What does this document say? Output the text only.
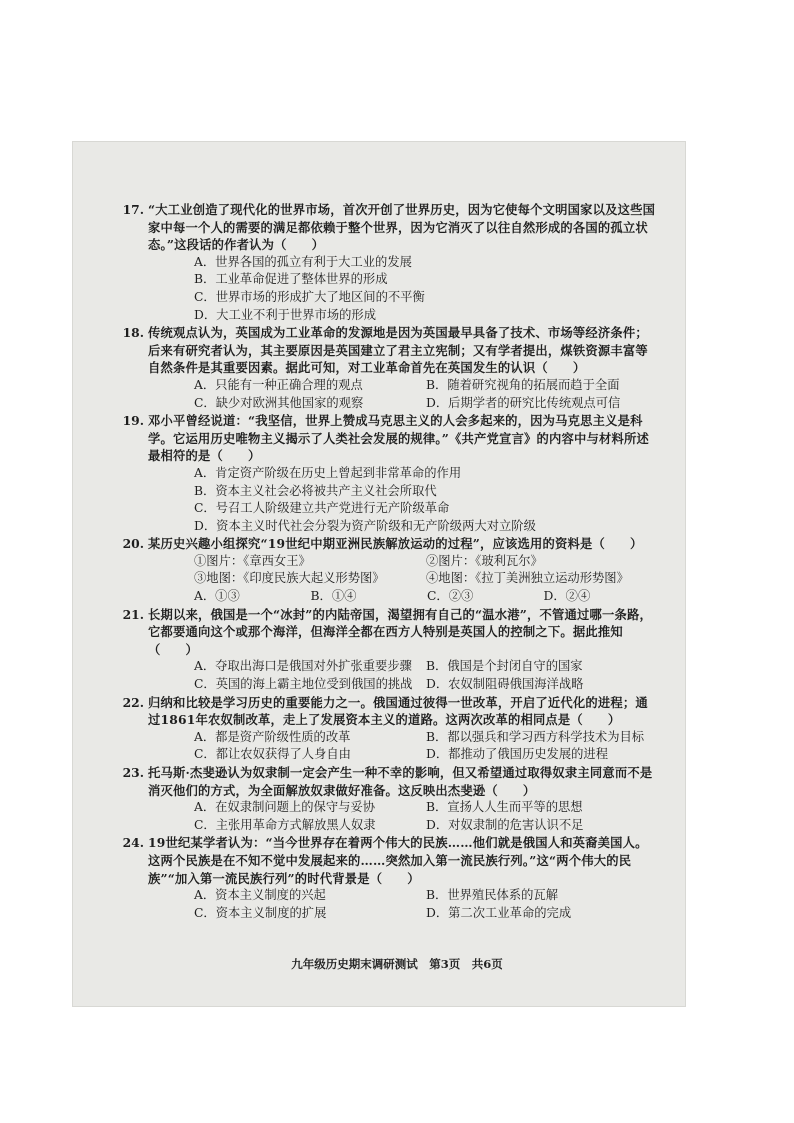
17. “大工业创造了现代化的世界市场，首次开创了世界历史，因为它使每个文明国家以及这些国家中每一个人的需要的满足都依赖于整个世界，因为它消灭了以往自然形成的各国的孤立状态。”这段话的作者认为（　　）
A．世界各国的孤立有利于大工业的发展
B．工业革命促进了整体世界的形成
C．世界市场的形成扩大了地区间的不平衡
D．大工业不利于世界市场的形成
18. 传统观点认为，英国成为工业革命的发源地是因为英国最早具备了技术、市场等经济条件；后来有研究者认为，其主要原因是英国建立了君主立宪制；又有学者提出，煤铁资源丰富等自然条件是其重要因素。据此可知，对工业革命首先在英国发生的认识（　　）
A．只能有一种正确合理的观点	B．随着研究视角的拓展而趋于全面
C．缺少对欧洲其他国家的观察	D．后期学者的研究比传统观点可信
19. 邓小平曾经说道：“我坚信，世界上赞成马克思主义的人会多起来的，因为马克思主义是科学。它运用历史唯物主义揭示了人类社会发展的规律。”《共产党宣言》的内容中与材料所述最相符的是（　　）
A．肯定资产阶级在历史上曾起到非常革命的作用
B．资本主义社会必将被共产主义社会所取代
C．号召工人阶级建立共产党进行无产阶级革命
D．资本主义时代社会分裂为资产阶级和无产阶级两大对立阶级
20. 某历史兴趣小组探究“19世纪中期亚洲民族解放运动的过程”，应该选用的资料是（　　）
①图片：《章西女王》	②图片：《玻利瓦尔》
③地图：《印度民族大起义形势图》	④地图：《拉丁美洲独立运动形势图》
A．①③	B．①④	C．②③	D．②④
21. 长期以来，俄国是一个“冰封”的内陆帝国，渴望拥有自己的“温水港”，不管通过哪一条路，它都要通向这个或那个海洋，但海洋全都在西方人特别是英国人的控制之下。据此推知（　　）
A．夺取出海口是俄国对外扩张重要步骤	B．俄国是个封闭自守的国家
C．英国的海上霸主地位受到俄国的挑战	D．农奴制阻碍俄国海洋战略
22. 归纳和比较是学习历史的重要能力之一。俄国通过彼得一世改革，开启了近代化的进程；通过1861年农奴制改革，走上了发展资本主义的道路。这两次改革的相同点是（　　）
A．都是资产阶级性质的改革	B．都以强兵和学习西方科学技术为目标
C．都让农奴获得了人身自由	D．都推动了俄国历史发展的进程
23. 托马斯·杰斐逊认为奴隶制一定会产生一种不幸的影响，但又希望通过取得奴隶主同意而不是消灭他们的方式，为全面解放奴隶做好准备。这反映出杰斐逊（　　）
A．在奴隶制问题上的保守与妥协	B．宣扬人人生而平等的思想
C．主张用革命方式解放黑人奴隶	D．对奴隶制的危害认识不足
24. 19世纪某学者认为：“当今世界存在着两个伟大的民族……他们就是俄国人和英裔美国人。这两个民族是在不知不觉中发展起来的……突然加入第一流民族行列。”这“两个伟大的民族”“加入第一流民族行列”的时代背景是（　　）
A．资本主义制度的兴起	B．世界殖民体系的瓦解
C．资本主义制度的扩展	D．第二次工业革命的完成
九年级历史期末调研测试　第3页　共6页
